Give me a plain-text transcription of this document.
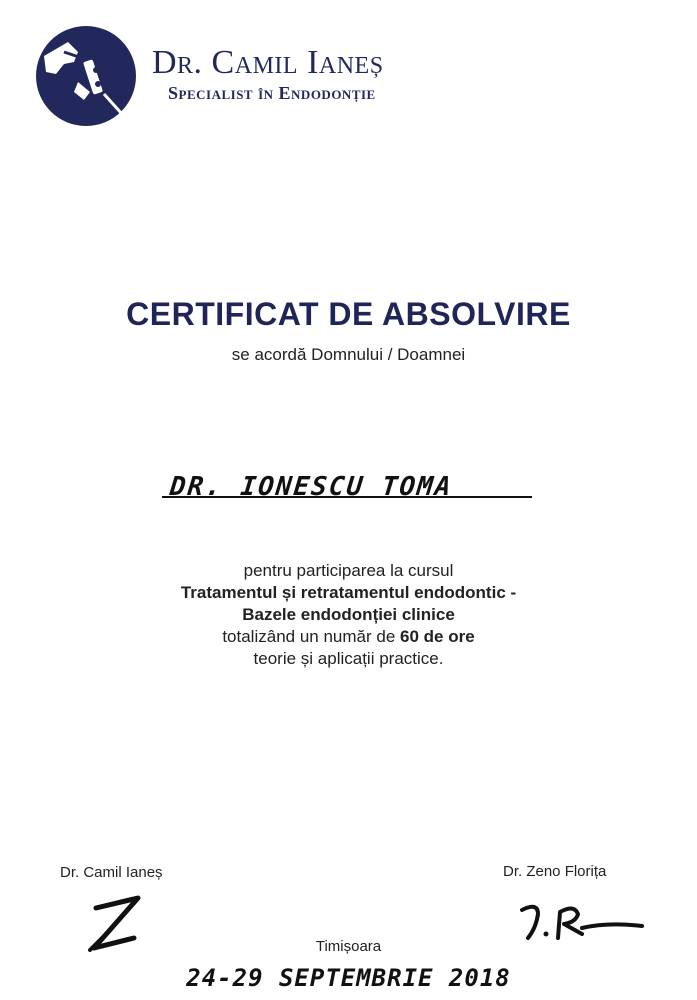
Dr. Camil Ianeș
Specialist în Endodonție
CERTIFICAT DE ABSOLVIRE
se acordă Domnului / Doamnei
DR. IONESCU TOMA
pentru participarea la cursul
Tratamentul și retratamentul endodontic -
Bazele endodonției clinice
totalizând un număr de 60 de ore
teorie și aplicații practice.
Dr. Camil Ianeș	Dr. Zeno Florița
Timișoara
24-29 SEPTEMBRIE 2018
